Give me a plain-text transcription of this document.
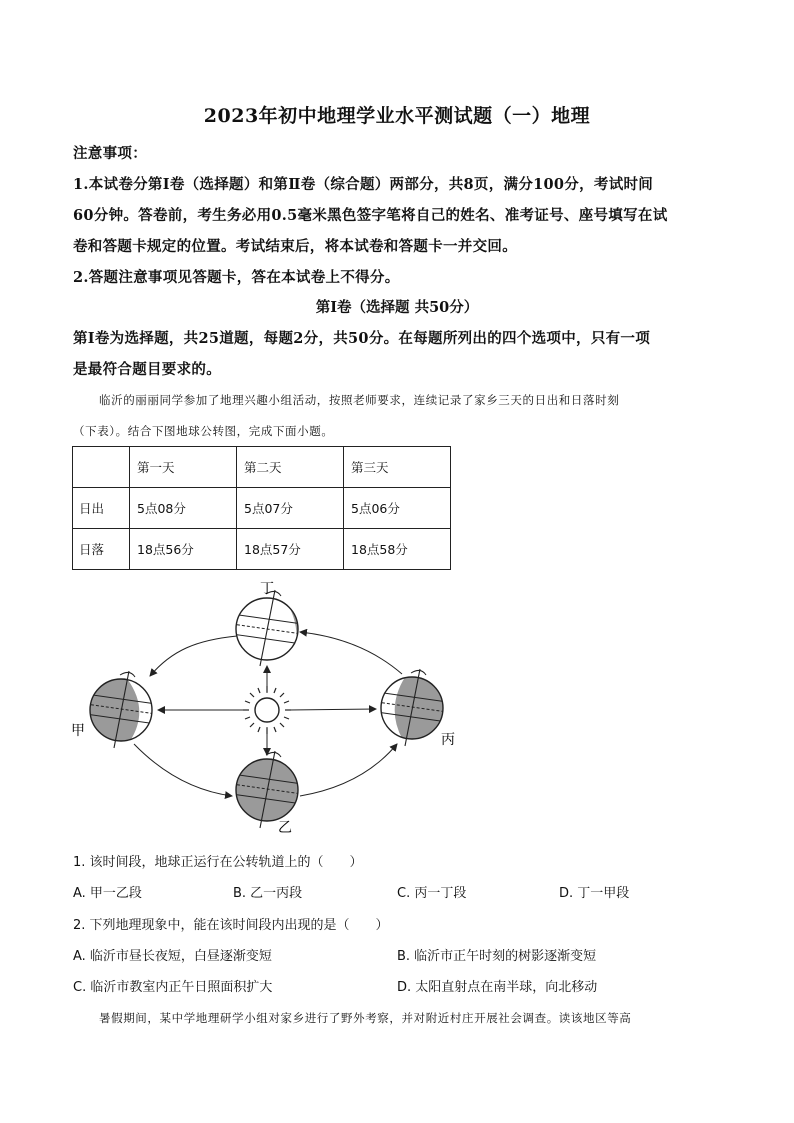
2023年初中地理学业水平测试题（一）地理
注意事项：
1.本试卷分第Ⅰ卷（选择题）和第Ⅱ卷（综合题）两部分，共8页，满分100分，考试时间
60分钟。答卷前，考生务必用0.5毫米黑色签字笔将自己的姓名、准考证号、座号填写在试
卷和答题卡规定的位置。考试结束后，将本试卷和答题卡一并交回。
2.答题注意事项见答题卡，答在本试卷上不得分。
第Ⅰ卷（选择题 共50分）
第Ⅰ卷为选择题，共25道题，每题2分，共50分。在每题所列出的四个选项中，只有一项
是最符合题目要求的。
临沂的丽丽同学参加了地理兴趣小组活动，按照老师要求，连续记录了家乡三天的日出和日落时刻
（下表）。结合下图地球公转图，完成下面小题。
	第一天	第二天	第三天
日出	5点08分	5点07分	5点06分
日落	18点56分	18点57分	18点58分
丁
乙
甲
丙
1. 该时间段，地球正运行在公转轨道上的（　　）
A. 甲一乙段	B. 乙一丙段	C. 丙一丁段	D. 丁一甲段
2. 下列地理现象中，能在该时间段内出现的是（　　）
A. 临沂市昼长夜短，白昼逐渐变短	B. 临沂市正午时刻的树影逐渐变短
C. 临沂市教室内正午日照面积扩大	D. 太阳直射点在南半球，向北移动
暑假期间，某中学地理研学小组对家乡进行了野外考察，并对附近村庄开展社会调查。读该地区等高
